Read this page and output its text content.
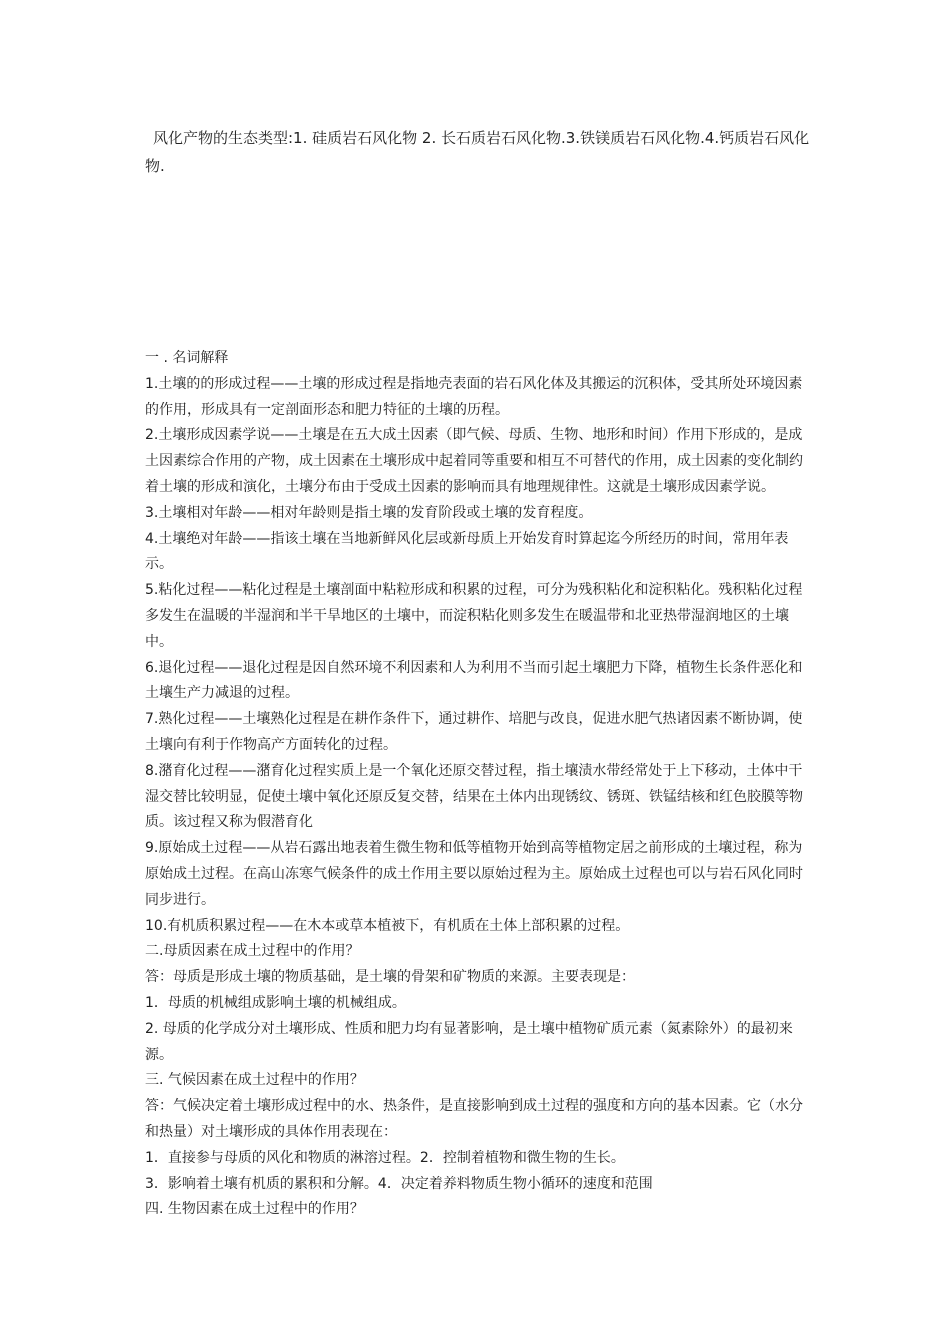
风化产物的生态类型:1. 硅质岩石风化物 2. 长石质岩石风化物.3.铁镁质岩石风化物.4.钙质岩石风化物.

一 . 名词解释

1.土壤的的形成过程——土壤的形成过程是指地壳表面的岩石风化体及其搬运的沉积体，受其所处环境因素的作用，形成具有一定剖面形态和肥力特征的土壤的历程。

2.土壤形成因素学说——土壤是在五大成土因素（即气候、母质、生物、地形和时间）作用下形成的，是成土因素综合作用的产物，成土因素在土壤形成中起着同等重要和相互不可替代的作用，成土因素的变化制约着土壤的形成和演化，土壤分布由于受成土因素的影响而具有地理规律性。这就是土壤形成因素学说。

3.土壤相对年龄——相对年龄则是指土壤的发育阶段或土壤的发育程度。

4.土壤绝对年龄——指该土壤在当地新鲜风化层或新母质上开始发育时算起迄今所经历的时间，常用年表示。

5.粘化过程——粘化过程是土壤剖面中粘粒形成和积累的过程，可分为残积粘化和淀积粘化。残积粘化过程多发生在温暖的半湿润和半干旱地区的土壤中，而淀积粘化则多发生在暖温带和北亚热带湿润地区的土壤中。

6.退化过程——退化过程是因自然环境不利因素和人为利用不当而引起土壤肥力下降，植物生长条件恶化和土壤生产力减退的过程。

7.熟化过程——土壤熟化过程是在耕作条件下，通过耕作、培肥与改良，促进水肥气热诸因素不断协调，使土壤向有利于作物高产方面转化的过程。

8.潴育化过程——潴育化过程实质上是一个氧化还原交替过程，指土壤渍水带经常处于上下移动，土体中干湿交替比较明显，促使土壤中氧化还原反复交替，结果在土体内出现锈纹、锈斑、铁锰结核和红色胶膜等物质。该过程又称为假潜育化

9.原始成土过程——从岩石露出地表着生微生物和低等植物开始到高等植物定居之前形成的土壤过程，称为原始成土过程。在高山冻寒气候条件的成土作用主要以原始过程为主。原始成土过程也可以与岩石风化同时同步进行。

10.有机质积累过程——在木本或草本植被下，有机质在土体上部积累的过程。

二.母质因素在成土过程中的作用？

答：母质是形成土壤的物质基础，是土壤的骨架和矿物质的来源。主要表现是：

1．母质的机械组成影响土壤的机械组成。

2. 母质的化学成分对土壤形成、性质和肥力均有显著影响，是土壤中植物矿质元素（氮素除外）的最初来源。

三. 气候因素在成土过程中的作用？

答：气候决定着土壤形成过程中的水、热条件，是直接影响到成土过程的强度和方向的基本因素。它（水分和热量）对土壤形成的具体作用表现在：

1．直接参与母质的风化和物质的淋溶过程。2．控制着植物和微生物的生长。

3．影响着土壤有机质的累积和分解。4．决定着养料物质生物小循环的速度和范围

四. 生物因素在成土过程中的作用？
